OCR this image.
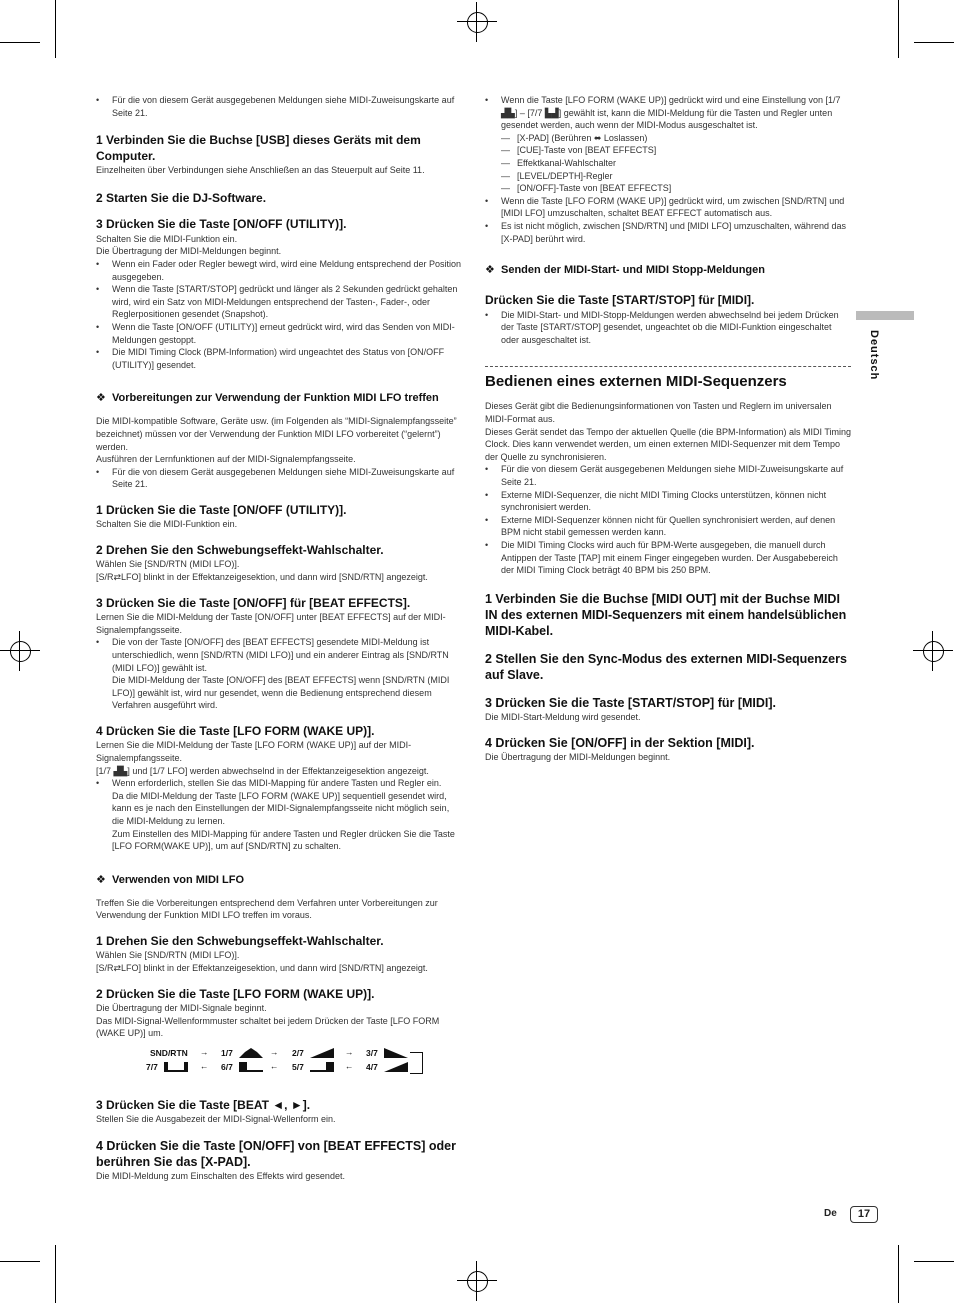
Deutsch
• Für die von diesem Gerät ausgegebenen Meldungen siehe MIDI-Zuweisungskarte auf Seite 21.
1 Verbinden Sie die Buchse [USB] dieses Geräts mit dem Computer.
Einzelheiten über Verbindungen siehe Anschließen an das Steuerpult auf Seite 11.
2 Starten Sie die DJ-Software.
3 Drücken Sie die Taste [ON/OFF (UTILITY)].
Schalten Sie die MIDI-Funktion ein.
Die Übertragung der MIDI-Meldungen beginnt.
• Wenn ein Fader oder Regler bewegt wird, wird eine Meldung entsprechend der Position ausgegeben.
• Wenn die Taste [START/STOP] gedrückt und länger als 2 Sekunden gedrückt gehalten wird, wird ein Satz von MIDI-Meldungen entsprechend der Tasten-, Fader-, oder Reglerpositionen gesendet (Snapshot).
• Wenn die Taste [ON/OFF (UTILITY)] erneut gedrückt wird, wird das Senden von MIDI-Meldungen gestoppt.
• Die MIDI Timing Clock (BPM-Information) wird ungeachtet des Status von [ON/OFF (UTILITY)] gesendet.
❖ Vorbereitungen zur Verwendung der Funktion MIDI LFO treffen
Die MIDI-kompatible Software, Geräte usw. (im Folgenden als “MIDI-Signalempfangsseite” bezeichnet) müssen vor der Verwendung der Funktion MIDI LFO vorbereitet (“gelernt”) werden.
Ausführen der Lernfunktionen auf der MIDI-Signalempfangsseite.
• Für die von diesem Gerät ausgegebenen Meldungen siehe MIDI-Zuweisungskarte auf Seite 21.
1 Drücken Sie die Taste [ON/OFF (UTILITY)].
Schalten Sie die MIDI-Funktion ein.
2 Drehen Sie den Schwebungseffekt-Wahlschalter.
Wählen Sie [SND/RTN (MIDI LFO)].
[S/R⇄LFO] blinkt in der Effektanzeigesektion, und dann wird [SND/RTN] angezeigt.
3 Drücken Sie die Taste [ON/OFF] für [BEAT EFFECTS].
Lernen Sie die MIDI-Meldung der Taste [ON/OFF] unter [BEAT EFFECTS] auf der MIDI-Signalempfangsseite.
• Die von der Taste [ON/OFF] des [BEAT EFFECTS] gesendete MIDI-Meldung ist unterschiedlich, wenn [SND/RTN (MIDI LFO)] und ein anderer Eintrag als [SND/RTN (MIDI LFO)] gewählt ist.
Die MIDI-Meldung der Taste [ON/OFF] des [BEAT EFFECTS] wenn [SND/RTN (MIDI LFO)] gewählt ist, wird nur gesendet, wenn die Bedienung entsprechend diesem Verfahren ausgeführt wird.
4 Drücken Sie die Taste [LFO FORM (WAKE UP)].
Lernen Sie die MIDI-Meldung der Taste [LFO FORM (WAKE UP)] auf der MIDI-Signalempfangsseite.
[1/7 ▟▙] und [1/7 LFO] werden abwechselnd in der Effektanzeigesektion angezeigt.
• Wenn erforderlich, stellen Sie das MIDI-Mapping für andere Tasten und Regler ein.
Da die MIDI-Meldung der Taste [LFO FORM (WAKE UP)] sequentiell gesendet wird, kann es je nach den Einstellungen der MIDI-Signalempfangsseite nicht möglich sein, die MIDI-Meldung zu lernen.
Zum Einstellen des MIDI-Mapping für andere Tasten und Regler drücken Sie die Taste [LFO FORM(WAKE UP)], um auf [SND/RTN] zu schalten.
❖ Verwenden von MIDI LFO
Treffen Sie die Vorbereitungen entsprechend dem Verfahren unter Vorbereitungen zur Verwendung der Funktion MIDI LFO treffen im voraus.
1 Drehen Sie den Schwebungseffekt-Wahlschalter.
Wählen Sie [SND/RTN (MIDI LFO)].
[S/R⇄LFO] blinkt in der Effektanzeigesektion, und dann wird [SND/RTN] angezeigt.
2 Drücken Sie die Taste [LFO FORM (WAKE UP)].
Die Übertragung der MIDI-Signale beginnt.
Das MIDI-Signal-Wellenformmuster schaltet bei jedem Drücken der Taste [LFO FORM (WAKE UP)] um.
SND/RTN → 1/7	→ 2/7	→ 3/7
7/7	← 6/7	← 5/7	← 4/7
3 Drücken Sie die Taste [BEAT ◄, ►].
Stellen Sie die Ausgabezeit der MIDI-Signal-Wellenform ein.
4 Drücken Sie die Taste [ON/OFF] von [BEAT EFFECTS] oder berühren Sie das [X-PAD].
Die MIDI-Meldung zum Einschalten des Effekts wird gesendet.
• Wenn die Taste [LFO FORM (WAKE UP)] gedrückt wird und eine Einstellung von [1/7 ▟▙] – [7/7 ▙▟] gewählt ist, kann die MIDI-Meldung für die Tasten und Regler unten gesendet werden, auch wenn der MIDI-Modus ausgeschaltet ist.
— [X-PAD] (Berühren ⬌ Loslassen)
— [CUE]-Taste von [BEAT EFFECTS]
— Effektkanal-Wahlschalter
— [LEVEL/DEPTH]-Regler
— [ON/OFF]-Taste von [BEAT EFFECTS]
• Wenn die Taste [LFO FORM (WAKE UP)] gedrückt wird, um zwischen [SND/RTN] und [MIDI LFO] umzuschalten, schaltet BEAT EFFECT automatisch aus.
• Es ist nicht möglich, zwischen [SND/RTN] und [MIDI LFO] umzuschalten, während das [X-PAD] berührt wird.
❖ Senden der MIDI-Start- und MIDI Stopp-Meldungen
Drücken Sie die Taste [START/STOP] für [MIDI].
• Die MIDI-Start- und MIDI-Stopp-Meldungen werden abwechselnd bei jedem Drücken der Taste [START/STOP] gesendet, ungeachtet ob die MIDI-Funktion eingeschaltet oder ausgeschaltet ist.
Bedienen eines externen MIDI-Sequenzers
Dieses Gerät gibt die Bedienungsinformationen von Tasten und Reglern im universalen MIDI-Format aus.
Dieses Gerät sendet das Tempo der aktuellen Quelle (die BPM-Information) als MIDI Timing Clock. Dies kann verwendet werden, um einen externen MIDI-Sequenzer mit dem Tempo der Quelle zu synchronisieren.
• Für die von diesem Gerät ausgegebenen Meldungen siehe MIDI-Zuweisungskarte auf Seite 21.
• Externe MIDI-Sequenzer, die nicht MIDI Timing Clocks unterstützen, können nicht synchronisiert werden.
• Externe MIDI-Sequenzer können nicht für Quellen synchronisiert werden, auf denen BPM nicht stabil gemessen werden kann.
• Die MIDI Timing Clocks wird auch für BPM-Werte ausgegeben, die manuell durch Antippen der Taste [TAP] mit einem Finger eingegeben wurden. Der Ausgabebereich der MIDI Timing Clock beträgt 40 BPM bis 250 BPM.
1 Verbinden Sie die Buchse [MIDI OUT] mit der Buchse MIDI IN des externen MIDI-Sequenzers mit einem handelsüblichen MIDI-Kabel.
2 Stellen Sie den Sync-Modus des externen MIDI-Sequenzers auf Slave.
3 Drücken Sie die Taste [START/STOP] für [MIDI].
Die MIDI-Start-Meldung wird gesendet.
4 Drücken Sie [ON/OFF] in der Sektion [MIDI].
Die Übertragung der MIDI-Meldungen beginnt.
De	17
